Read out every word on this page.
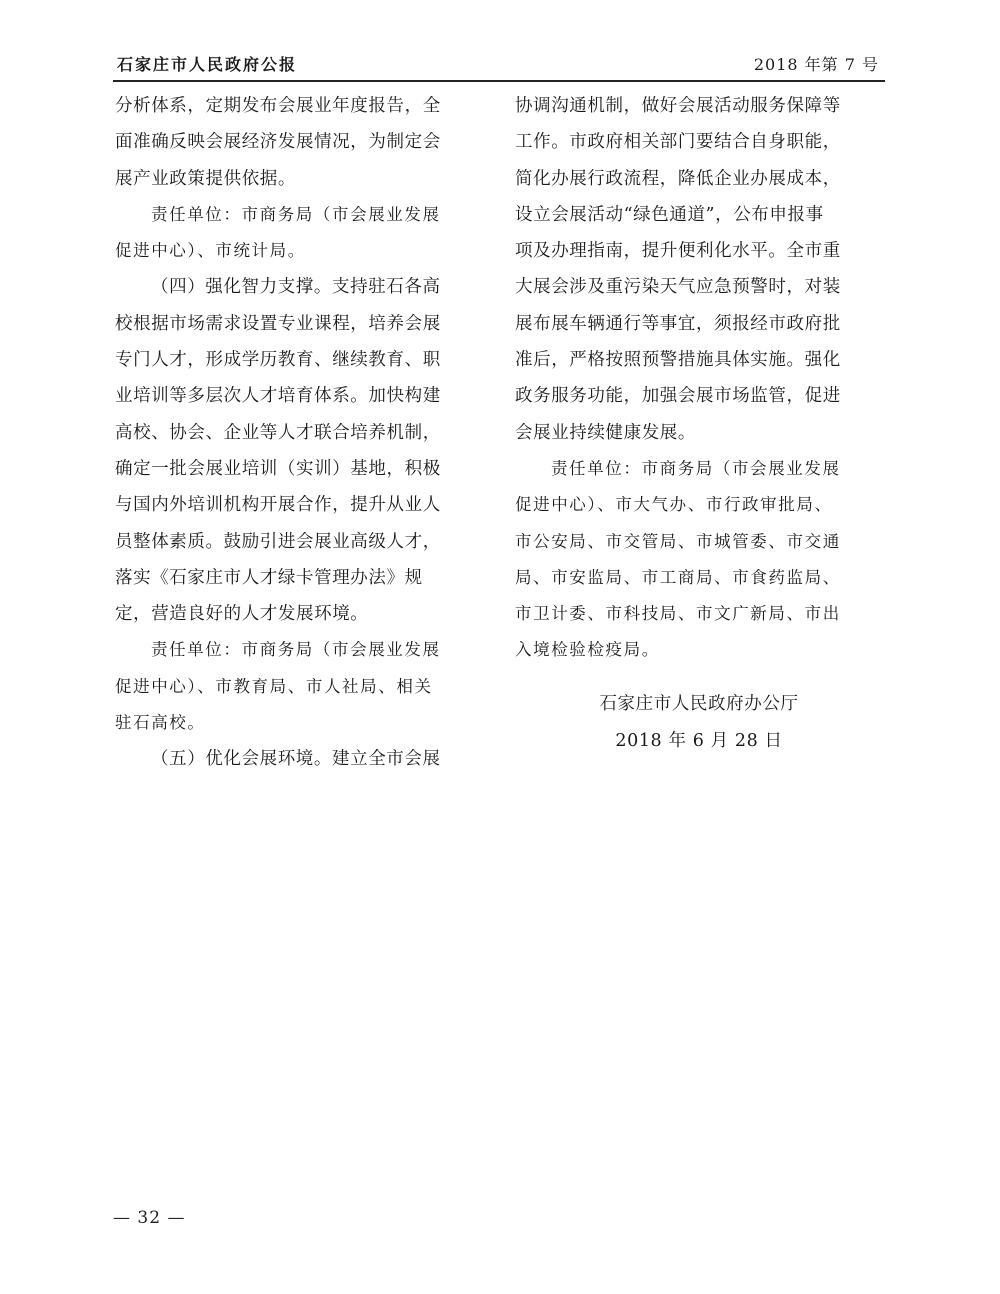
石家庄市人民政府公报	2018 年第 7 号
分析体系，定期发布会展业年度报告，全
面准确反映会展经济发展情况，为制定会
展产业政策提供依据。
责任单位：市商务局（市会展业发展
促进中心）、市统计局。
（四）强化智力支撑。支持驻石各高
校根据市场需求设置专业课程，培养会展
专门人才，形成学历教育、继续教育、职
业培训等多层次人才培育体系。加快构建
高校、协会、企业等人才联合培养机制，
确定一批会展业培训（实训）基地，积极
与国内外培训机构开展合作，提升从业人
员整体素质。鼓励引进会展业高级人才，
落实《石家庄市人才绿卡管理办法》规
定，营造良好的人才发展环境。
责任单位：市商务局（市会展业发展
促进中心）、市教育局、市人社局、相关
驻石高校。
（五）优化会展环境。建立全市会展
协调沟通机制，做好会展活动服务保障等
工作。市政府相关部门要结合自身职能，
简化办展行政流程，降低企业办展成本，
设立会展活动“绿色通道”，公布申报事
项及办理指南，提升便利化水平。全市重
大展会涉及重污染天气应急预警时，对装
展布展车辆通行等事宜，须报经市政府批
准后，严格按照预警措施具体实施。强化
政务服务功能，加强会展市场监管，促进
会展业持续健康发展。
责任单位：市商务局（市会展业发展
促进中心）、市大气办、市行政审批局、
市公安局、市交管局、市城管委、市交通
局、市安监局、市工商局、市食药监局、
市卫计委、市科技局、市文广新局、市出
入境检验检疫局。
石家庄市人民政府办公厅
2018 年 6 月 28 日
— 32 —
